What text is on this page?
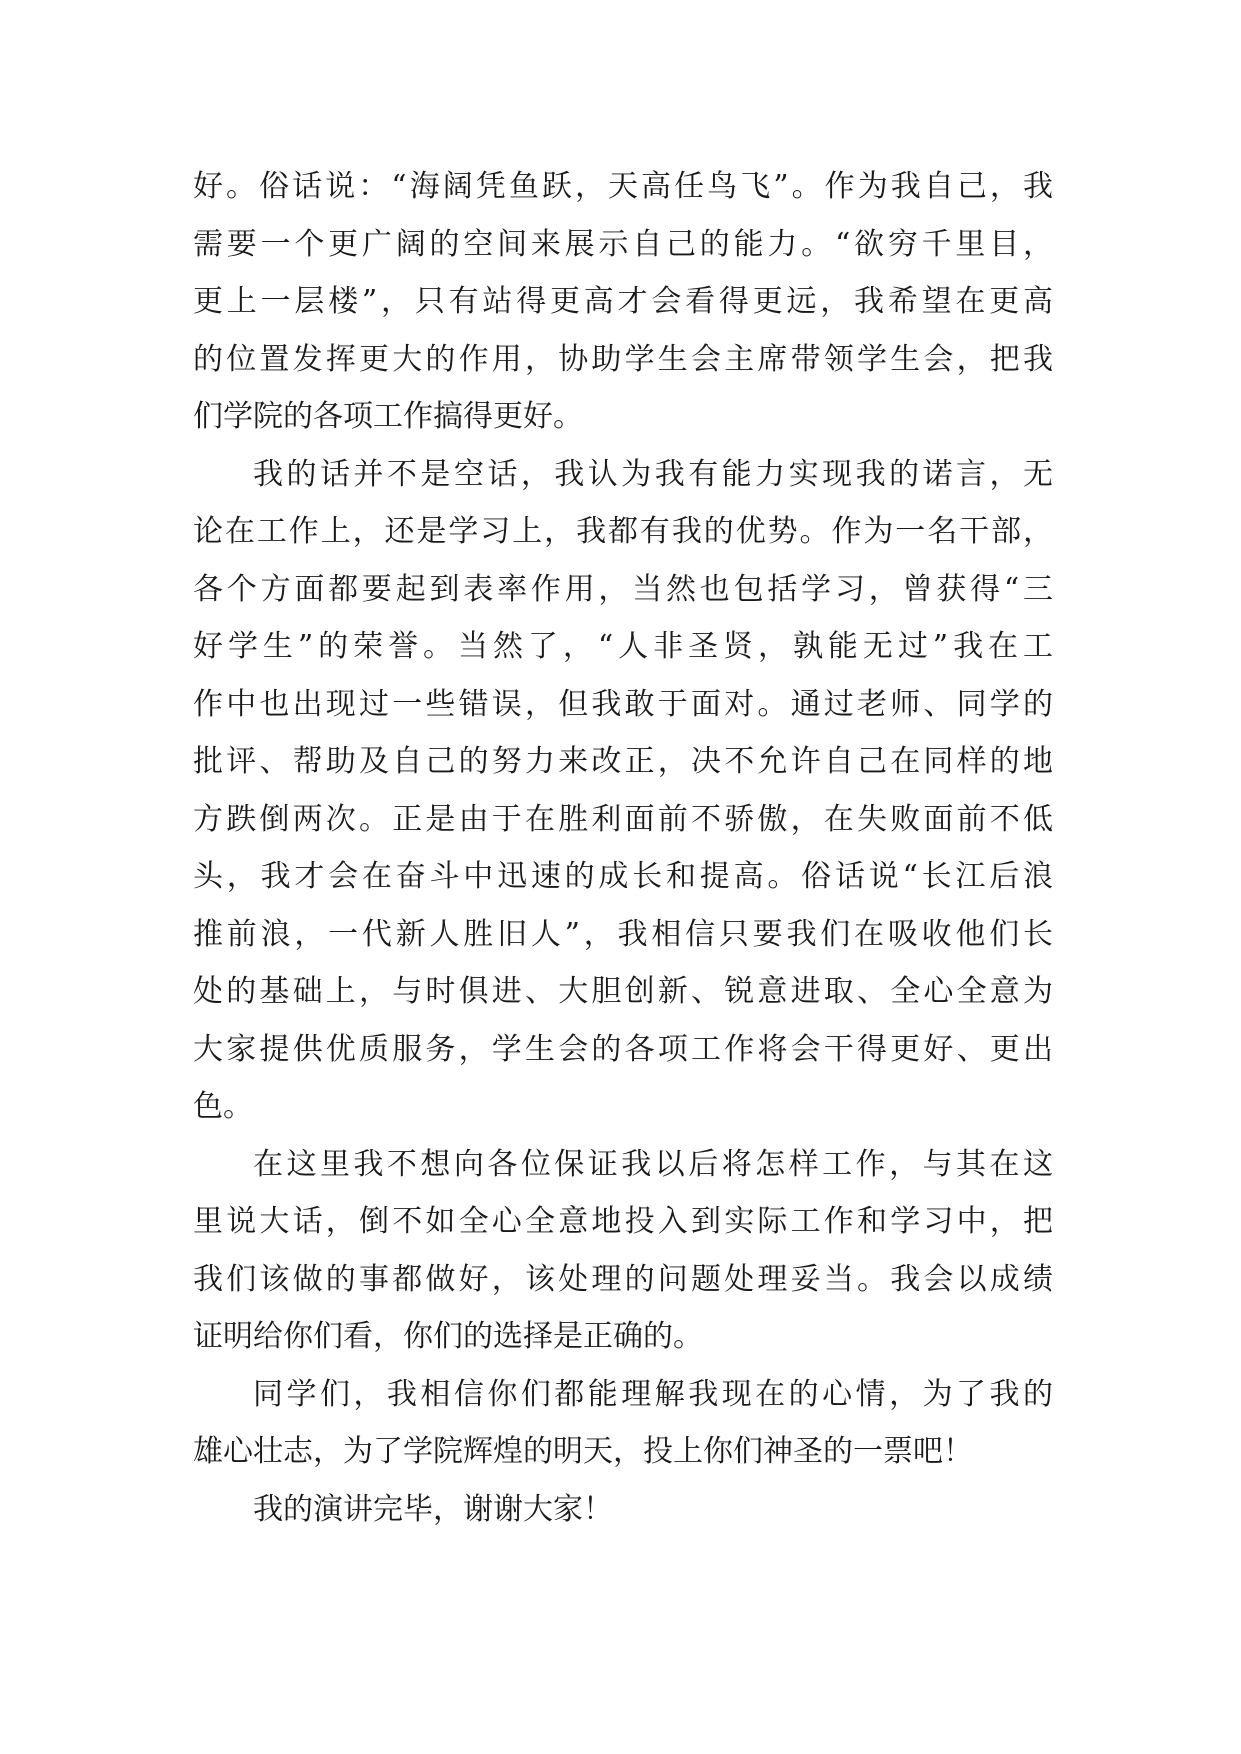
好。俗话说：“海阔凭鱼跃，天高任鸟飞”。作为我自己，我
需要一个更广阔的空间来展示自己的能力。“欲穷千里目，
更上一层楼”，只有站得更高才会看得更远，我希望在更高
的位置发挥更大的作用，协助学生会主席带领学生会，把我
们学院的各项工作搞得更好。
我的话并不是空话，我认为我有能力实现我的诺言，无
论在工作上，还是学习上，我都有我的优势。作为一名干部，
各个方面都要起到表率作用，当然也包括学习，曾获得“三
好学生”的荣誉。当然了，“人非圣贤，孰能无过”我在工
作中也出现过一些错误，但我敢于面对。通过老师、同学的
批评、帮助及自己的努力来改正，决不允许自己在同样的地
方跌倒两次。正是由于在胜利面前不骄傲，在失败面前不低
头，我才会在奋斗中迅速的成长和提高。俗话说“长江后浪
推前浪，一代新人胜旧人”，我相信只要我们在吸收他们长
处的基础上，与时俱进、大胆创新、锐意进取、全心全意为
大家提供优质服务，学生会的各项工作将会干得更好、更出
色。
在这里我不想向各位保证我以后将怎样工作，与其在这
里说大话，倒不如全心全意地投入到实际工作和学习中，把
我们该做的事都做好，该处理的问题处理妥当。我会以成绩
证明给你们看，你们的选择是正确的。
同学们，我相信你们都能理解我现在的心情，为了我的
雄心壮志，为了学院辉煌的明天，投上你们神圣的一票吧！
我的演讲完毕，谢谢大家！
